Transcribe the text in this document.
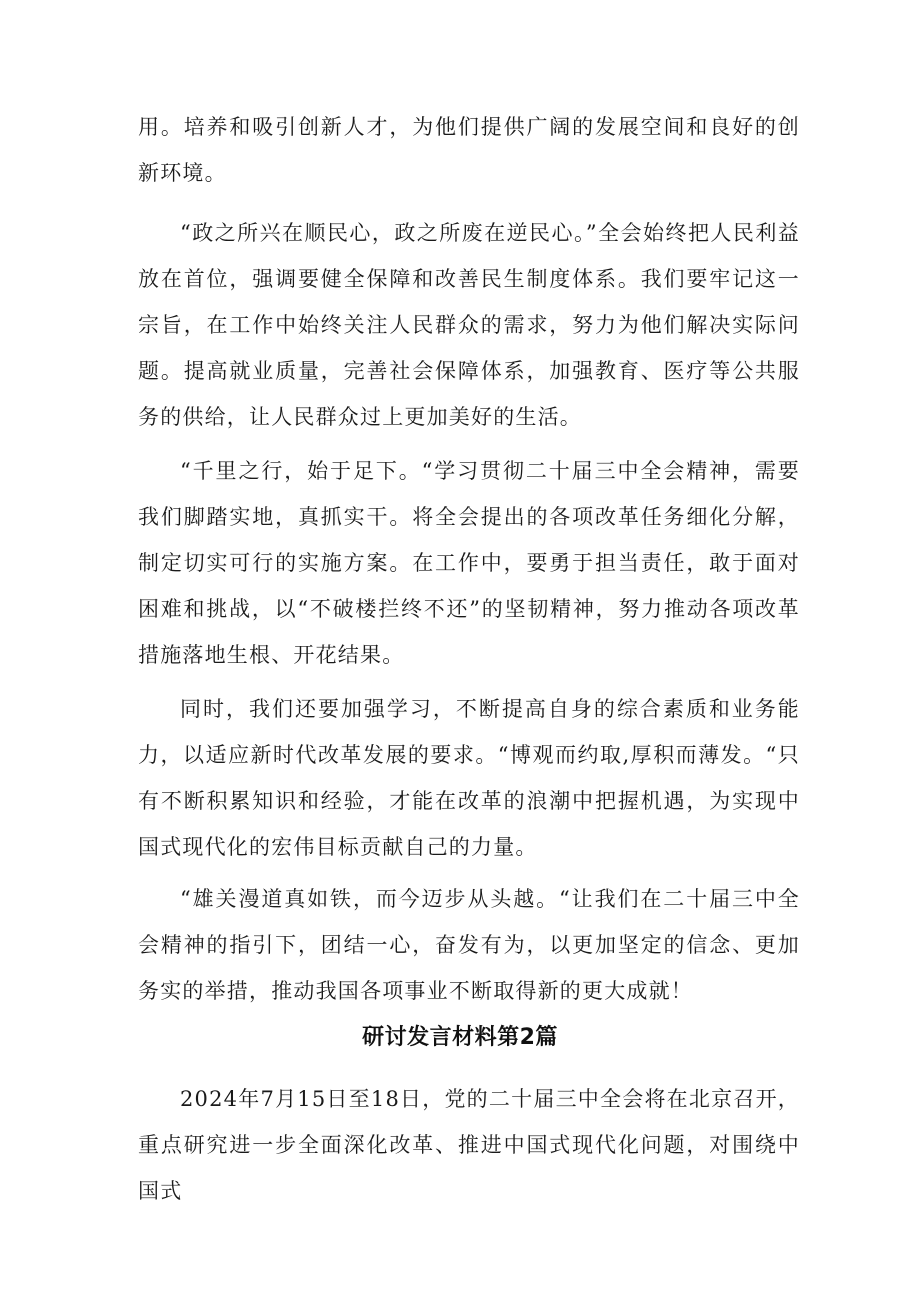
用。培养和吸引创新人才，为他们提供广阔的发展空间和良好的创新环境。

“政之所兴在顺民心，政之所废在逆民心。”全会始终把人民利益放在首位，强调要健全保障和改善民生制度体系。我们要牢记这一宗旨，在工作中始终关注人民群众的需求，努力为他们解决实际问题。提高就业质量，完善社会保障体系，加强教育、医疗等公共服务的供给，让人民群众过上更加美好的生活。

“千里之行，始于足下。“学习贯彻二十届三中全会精神，需要我们脚踏实地，真抓实干。将全会提出的各项改革任务细化分解，制定切实可行的实施方案。在工作中，要勇于担当责任，敢于面对困难和挑战，以“不破楼拦终不还”的坚韧精神，努力推动各项改革措施落地生根、开花结果。

同时，我们还要加强学习，不断提高自身的综合素质和业务能力，以适应新时代改革发展的要求。“博观而约取,厚积而薄发。“只有不断积累知识和经验，才能在改革的浪潮中把握机遇，为实现中国式现代化的宏伟目标贡献自己的力量。

“雄关漫道真如铁，而今迈步从头越。“让我们在二十届三中全会精神的指引下，团结一心，奋发有为，以更加坚定的信念、更加务实的举措，推动我国各项事业不断取得新的更大成就！

研讨发言材料第2篇

2024年7月15日至18日，党的二十届三中全会将在北京召开，重点研究进一步全面深化改革、推进中国式现代化问题，对围绕中国式
